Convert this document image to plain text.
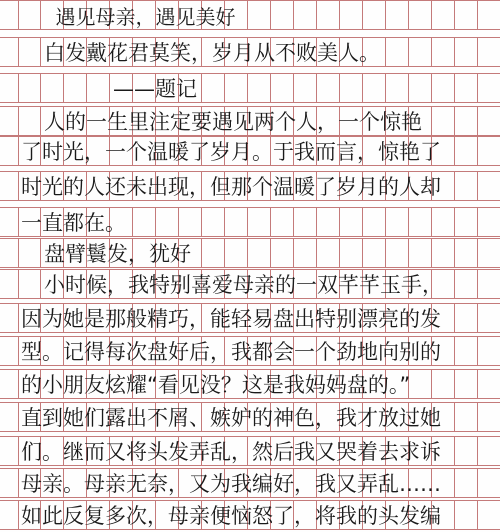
遇见母亲，遇见美好
白发戴花君莫笑，岁月从不败美人。
——题记
人的一生里注定要遇见两个人，一个惊艳
了时光，一个温暖了岁月。于我而言，惊艳了
时光的人还未出现，但那个温暖了岁月的人却
一直都在。
盘臂鬟发，犹好
小时候，我特别喜爱母亲的一双芊芊玉手，
因为她是那般精巧，能轻易盘出特别漂亮的发
型。记得每次盘好后，我都会一个劲地向别的
的小朋友炫耀“看见没？这是我妈妈盘的。”
直到她们露出不屑、嫉妒的神色，我才放过她
们。继而又将头发弄乱，然后我又哭着去求诉
母亲。母亲无奈，又为我编好，我又弄乱……
如此反复多次，母亲便恼怒了，将我的头发编
